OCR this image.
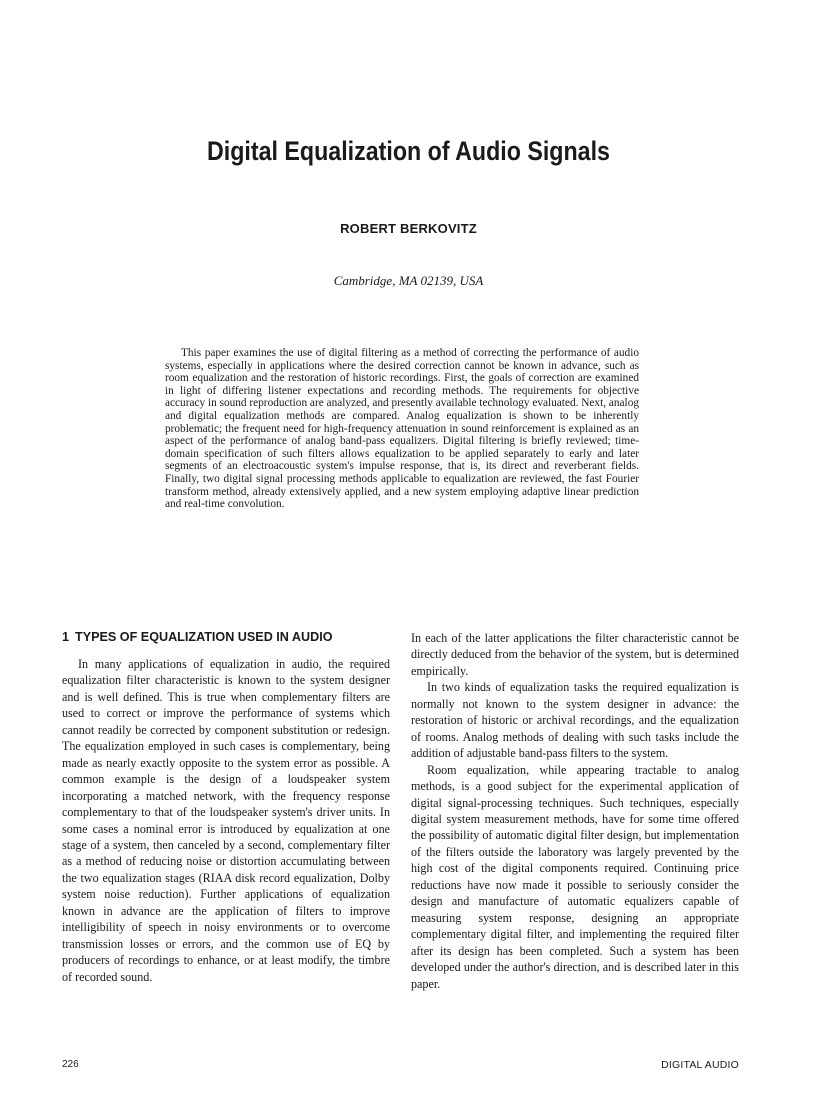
Digital Equalization of Audio Signals
ROBERT BERKOVITZ
Cambridge, MA 02139, USA

This paper examines the use of digital filtering as a method of correcting the performance of audio systems, especially in applications where the desired correction cannot be known in advance, such as room equalization and the restoration of historic recordings. First, the goals of correction are examined in light of differing listener expectations and recording methods. The requirements for objective accuracy in sound reproduction are analyzed, and presently available technology evaluated. Next, analog and digital equalization methods are compared. Analog equalization is shown to be inherently problematic; the frequent need for high-frequency attenuation in sound reinforcement is explained as an aspect of the performance of analog band-pass equalizers. Digital filtering is briefly reviewed; time-domain specification of such filters allows equalization to be applied separately to early and later segments of an electroacoustic system's impulse response, that is, its direct and reverberant fields. Finally, two digital signal processing methods applicable to equalization are reviewed, the fast Fourier transform method, already extensively applied, and a new system employing adaptive linear prediction and real-time convolution.

1 TYPES OF EQUALIZATION USED IN AUDIO

In many applications of equalization in audio, the required equalization filter characteristic is known to the system designer and is well defined. This is true when complementary filters are used to correct or improve the performance of systems which cannot readily be corrected by component substitution or redesign. The equalization employed in such cases is complementary, being made as nearly exactly opposite to the system error as possible. A common example is the design of a loudspeaker system incorporating a matched network, with the frequency response complementary to that of the loudspeaker system's driver units. In some cases a nominal error is introduced by equalization at one stage of a system, then canceled by a second, complementary filter as a method of reducing noise or distortion accumulating between the two equalization stages (RIAA disk record equalization, Dolby system noise reduction). Further applications of equalization known in advance are the application of filters to improve intelligibility of speech in noisy environments or to overcome transmission losses or errors, and the common use of EQ by producers of recordings to enhance, or at least modify, the timbre of recorded sound.

In each of the latter applications the filter characteristic cannot be directly deduced from the behavior of the system, but is determined empirically.

In two kinds of equalization tasks the required equalization is normally not known to the system designer in advance: the restoration of historic or archival recordings, and the equalization of rooms. Analog methods of dealing with such tasks include the addition of adjustable band-pass filters to the system.

Room equalization, while appearing tractable to analog methods, is a good subject for the experimental application of digital signal-processing techniques. Such techniques, especially digital system measurement methods, have for some time offered the possibility of automatic digital filter design, but implementation of the filters outside the laboratory was largely prevented by the high cost of the digital components required. Continuing price reductions have now made it possible to seriously consider the design and manufacture of automatic equalizers capable of measuring system response, designing an appropriate complementary digital filter, and implementing the required filter after its design has been completed. Such a system has been developed under the author's direction, and is described later in this paper.

226	DIGITAL AUDIO
